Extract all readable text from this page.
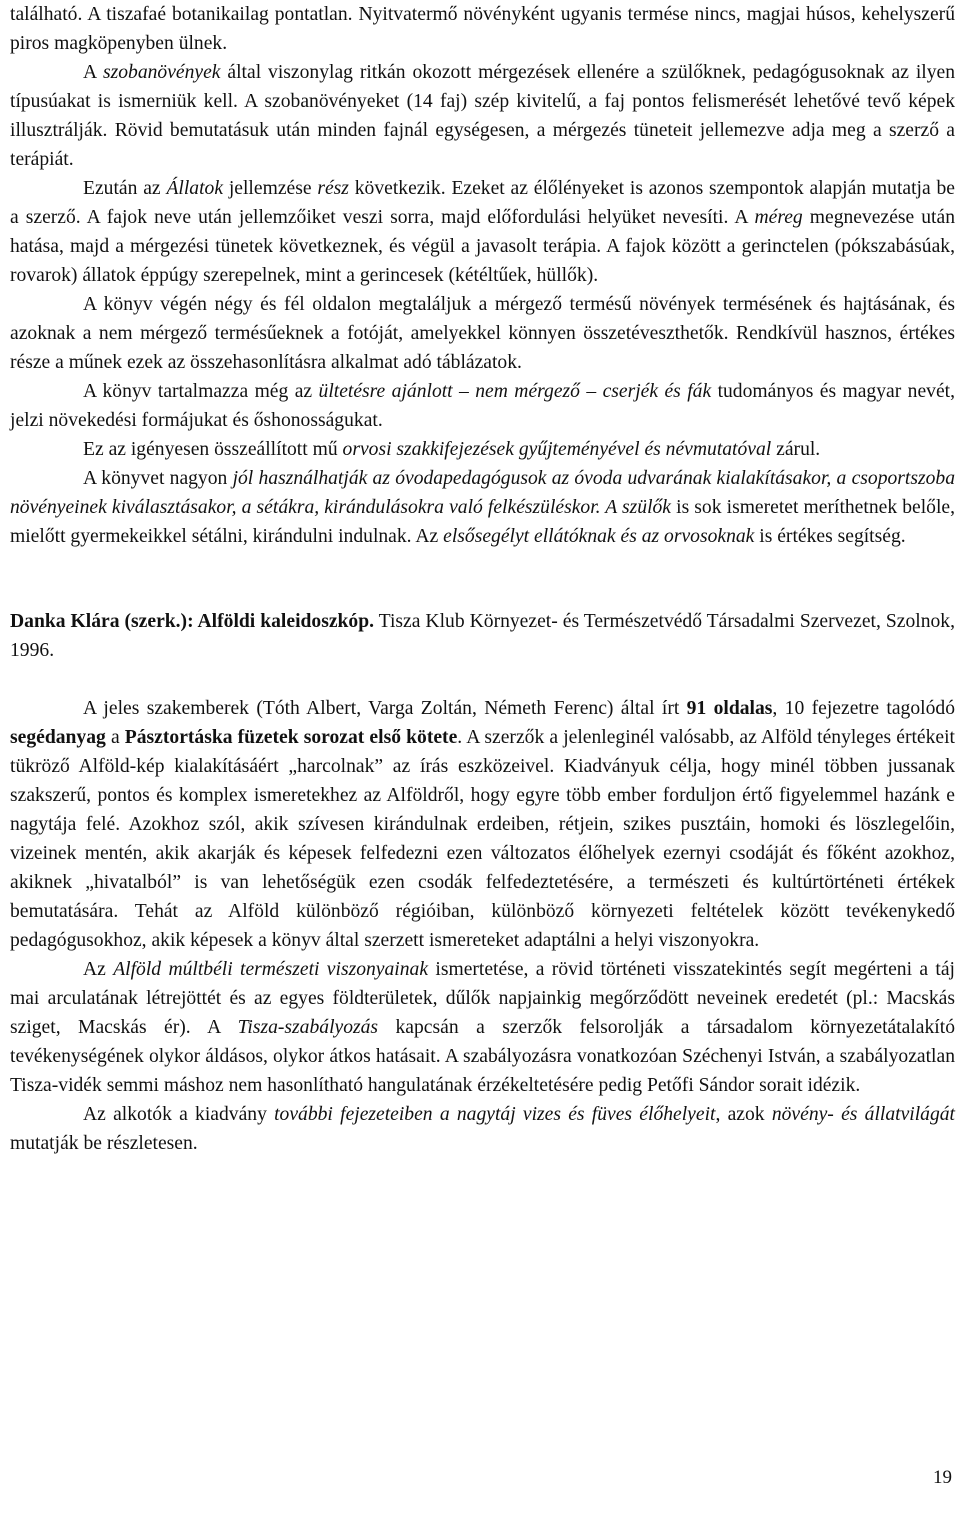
található. A tiszafaé botanikailag pontatlan. Nyitvatermő növényként ugyanis termése nincs, magjai húsos, kehelyszerű piros magköpenyben ülnek.

A szobanövények által viszonylag ritkán okozott mérgezések ellenére a szülőknek, pedagógusoknak az ilyen típusúakat is ismerniük kell. A szobanövényeket (14 faj) szép kivitelű, a faj pontos felismerését lehetővé tevő képek illusztrálják. Rövid bemutatásuk után minden fajnál egységesen, a mérgezés tüneteit jellemezve adja meg a szerző a terápiát.

Ezután az Állatok jellemzése rész következik. Ezeket az élőlényeket is azonos szempontok alapján mutatja be a szerző. A fajok neve után jellemzőiket veszi sorra, majd előfordulási helyüket nevesíti. A méreg megnevezése után hatása, majd a mérgezési tünetek következnek, és végül a javasolt terápia. A fajok között a gerinctelen (pókszabásúak, rovarok) állatok éppúgy szerepelnek, mint a gerincesek (kétéltűek, hüllők).

A könyv végén négy és fél oldalon megtaláljuk a mérgező termésű növények termésének és hajtásának, és azoknak a nem mérgező termésűeknek a fotóját, amelyekkel könnyen összetéveszthetők. Rendkívül hasznos, értékes része a műnek ezek az összehasonlításra alkalmat adó táblázatok.

A könyv tartalmazza még az ültetésre ajánlott – nem mérgező – cserjék és fák tudományos és magyar nevét, jelzi növekedési formájukat és őshonosságukat.

Ez az igényesen összeállított mű orvosi szakkifejezések gyűjteményével és névmutatóval zárul.

A könyvet nagyon jól használhatják az óvodapedagógusok az óvoda udvarának kialakításakor, a csoportszoba növényeinek kiválasztásakor, a sétákra, kirándulásokra való felkészüléskor. A szülők is sok ismeretet meríthetnek belőle, mielőtt gyermekeikkel sétálni, kirándulni indulnak. Az elsősegélyt ellátóknak és az orvosoknak is értékes segítség.

Danka Klára (szerk.): Alföldi kaleidoszkóp. Tisza Klub Környezet- és Természetvédő Társadalmi Szervezet, Szolnok, 1996.

A jeles szakemberek (Tóth Albert, Varga Zoltán, Németh Ferenc) által írt 91 oldalas, 10 fejezetre tagolódó segédanyag a Pásztortáska füzetek sorozat első kötete. A szerzők a jelenleginél valósabb, az Alföld tényleges értékeit tükröző Alföld-kép kialakításáért „harcolnak” az írás eszközeivel. Kiadványuk célja, hogy minél többen jussanak szakszerű, pontos és komplex ismeretekhez az Alföldről, hogy egyre több ember forduljon értő figyelemmel hazánk e nagytája felé. Azokhoz szól, akik szívesen kirándulnak erdeiben, rétjein, szikes pusztáin, homoki és löszlegelőin, vizeinek mentén, akik akarják és képesek felfedezni ezen változatos élőhelyek ezernyi csodáját és főként azokhoz, akiknek „hivatalból” is van lehetőségük ezen csodák felfedeztetésére, a természeti és kultúrtörténeti értékek bemutatására. Tehát az Alföld különböző régióiban, különböző környezeti feltételek között tevékenykedő pedagógusokhoz, akik képesek a könyv által szerzett ismereteket adaptálni a helyi viszonyokra.

Az Alföld múltbéli természeti viszonyainak ismertetése, a rövid történeti visszatekintés segít megérteni a táj mai arculatának létrejöttét és az egyes földterületek, dűlők napjainkig megőrződött neveinek eredetét (pl.: Macskás sziget, Macskás ér). A Tisza-szabályozás kapcsán a szerzők felsorolják a társadalom környezetátalakító tevékenységének olykor áldásos, olykor átkos hatásait. A szabályozásra vonatkozóan Széchenyi István, a szabályozatlan Tisza-vidék semmi máshoz nem hasonlítható hangulatának érzékeltetésére pedig Petőfi Sándor sorait idézik.

Az alkotók a kiadvány további fejezeteiben a nagytáj vizes és füves élőhelyeit, azok növény- és állatvilágát mutatják be részletesen.

19
